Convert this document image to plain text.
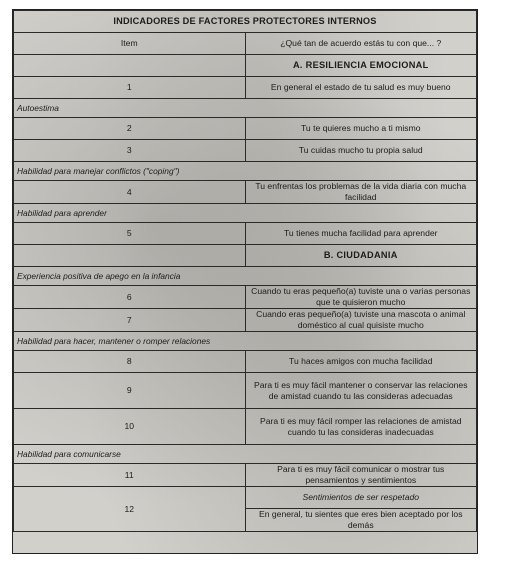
INDICADORES DE FACTORES PROTECTORES INTERNOS	
Item	¿Qué tan de acuerdo estás tu con que... ?
	A. RESILIENCIA EMOCIONAL
1	En general el estado de tu salud es muy bueno
Autoestima	
2	Tu te quieres mucho a ti mismo
3	Tu cuidas mucho tu propia salud
Habilidad para manejar conflictos ("coping")	
4	Tu enfrentas los problemas de la vida diaria con mucha facilidad
Habilidad para aprender	
5	Tu tienes mucha facilidad para aprender
	B. CIUDADANIA
Experiencia positiva de apego en la infancia	
6	Cuando tu eras pequeño(a) tuviste una o varias personas que te quisieron mucho
7	Cuando eras pequeño(a) tuviste una mascota o animal doméstico al cual quisiste mucho
Habilidad para hacer, mantener o romper relaciones	
8	Tu haces amigos con mucha facilidad
9	Para ti es muy fácil mantener o conservar las relaciones de amistad cuando tu las consideras adecuadas
10	Para ti es muy fácil romper las relaciones de amistad cuando tu las consideras inadecuadas
Habilidad para comunicarse	
11	Para ti es muy fácil comunicar o mostrar tus pensamientos y sentimientos
12	Sentimientos de ser respetado
	En general, tu sientes que eres bien aceptado por los demás
